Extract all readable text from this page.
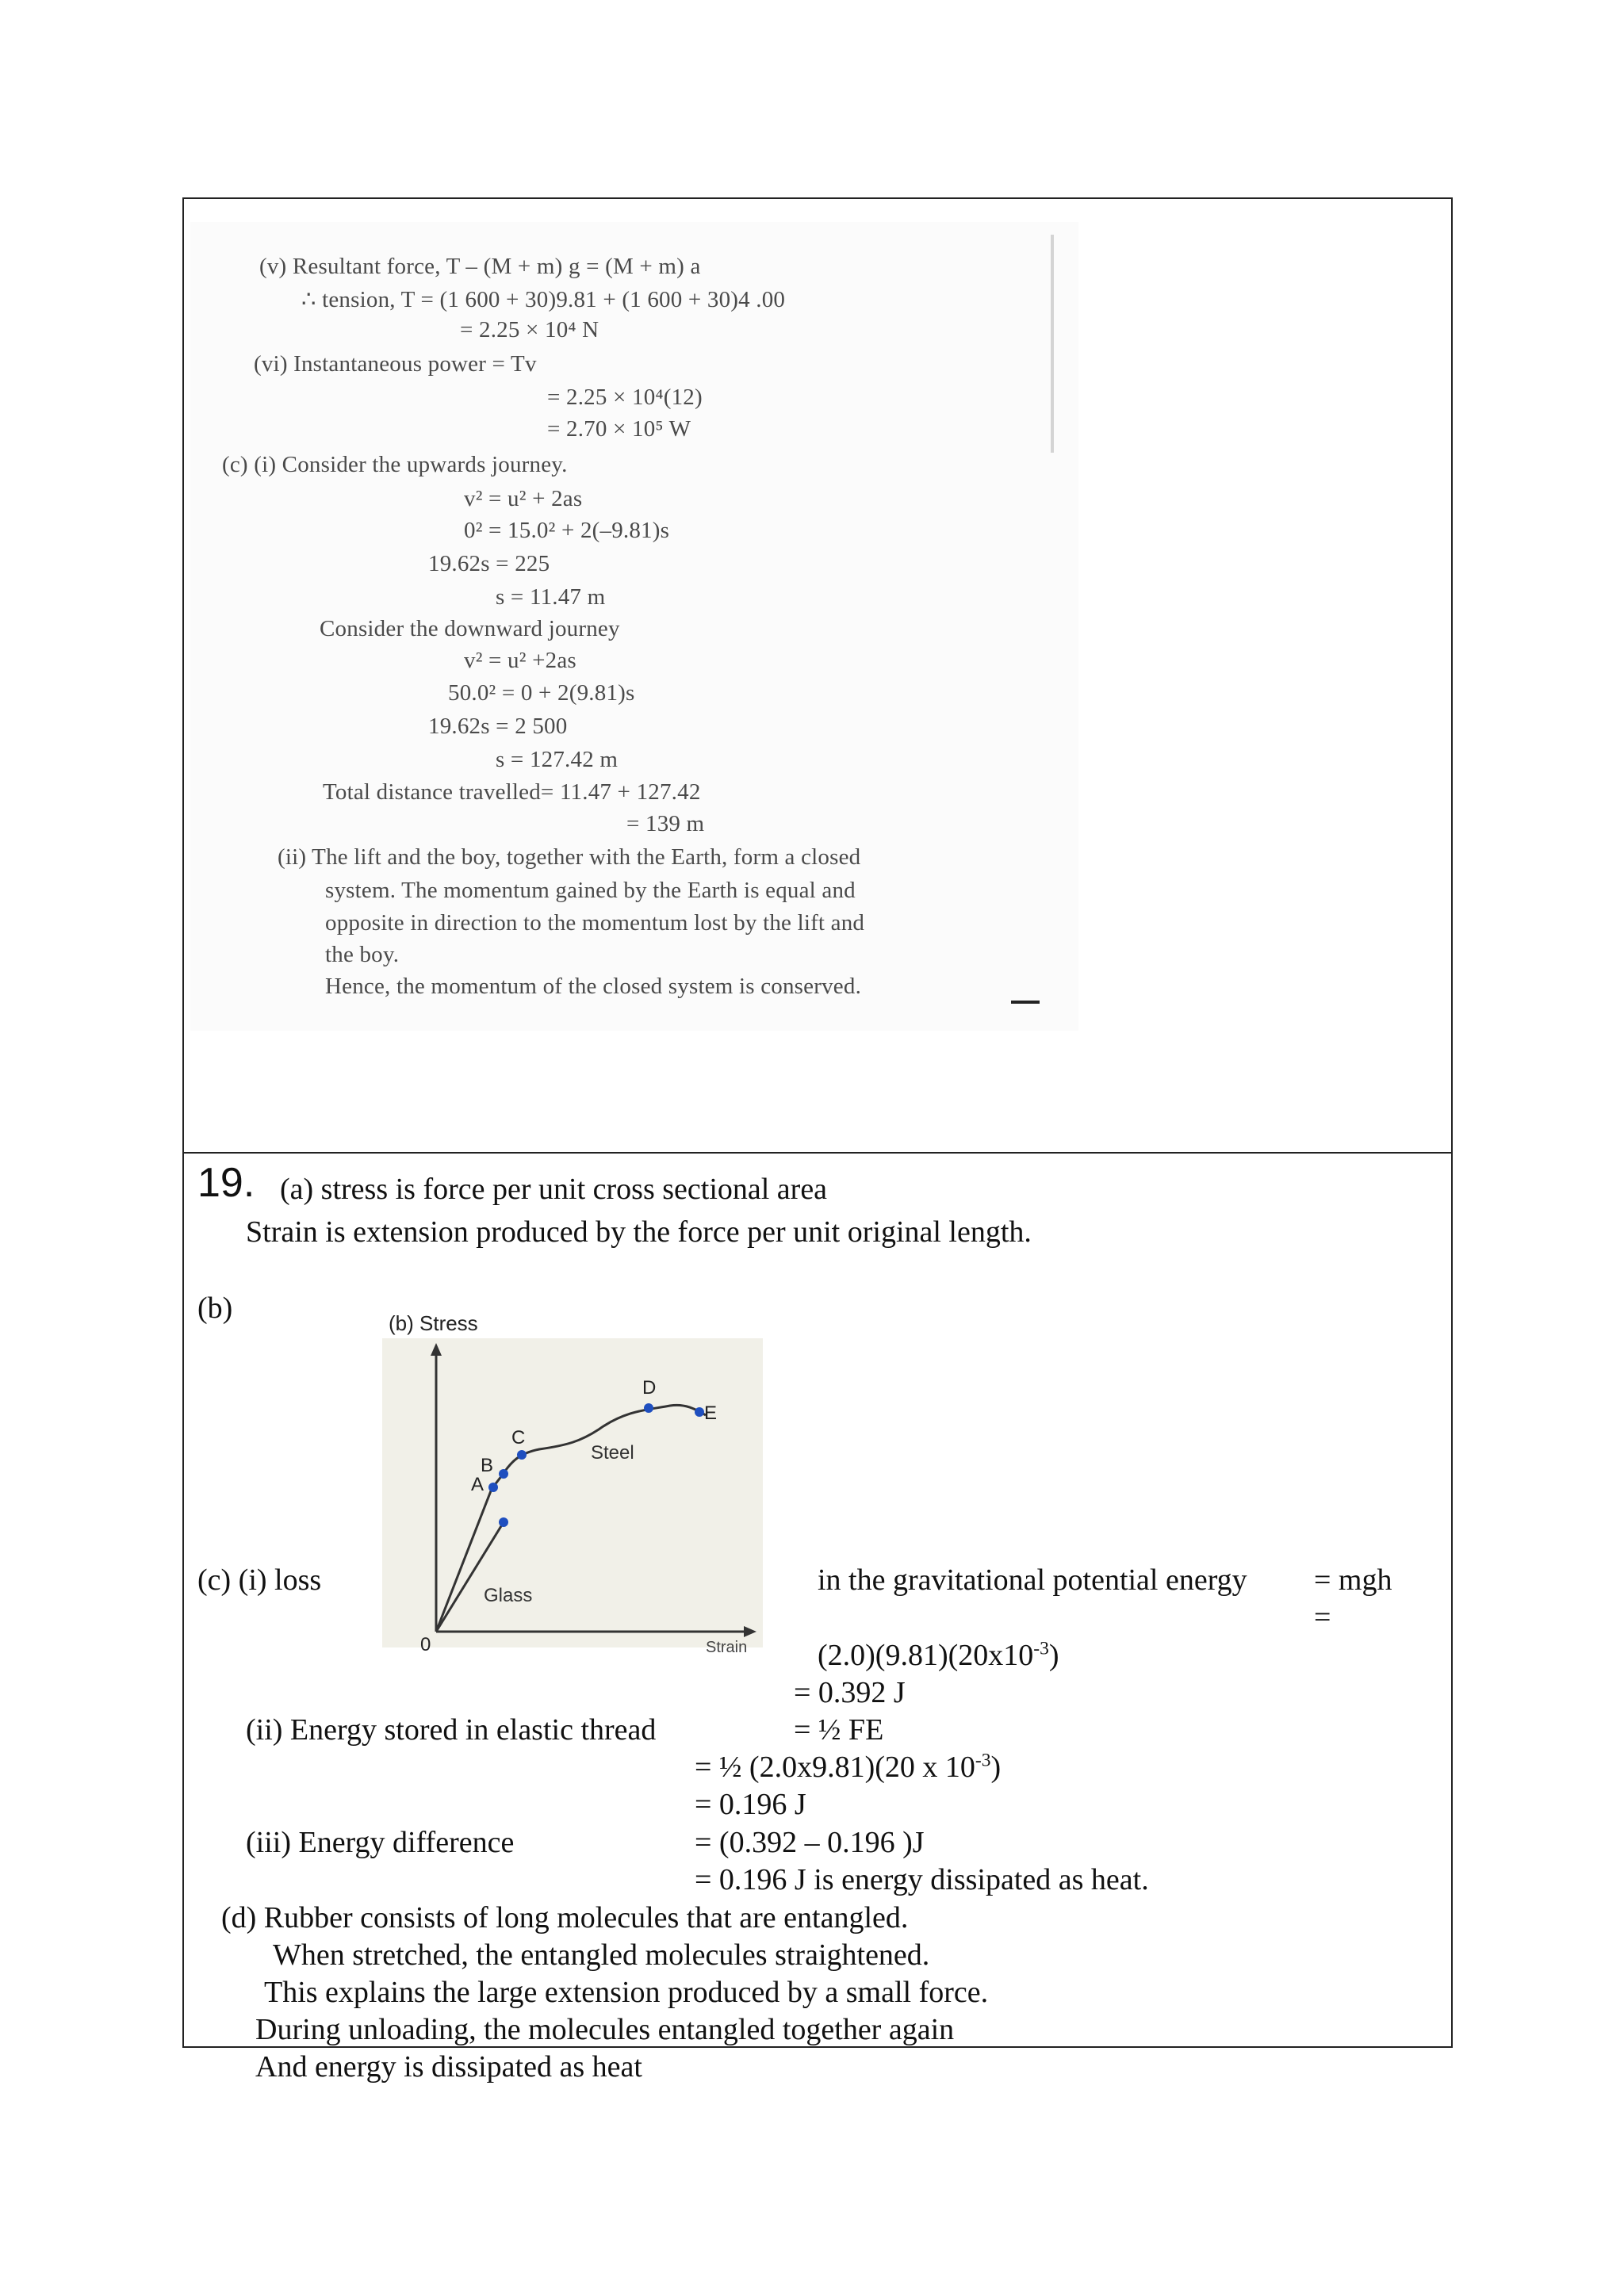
(v) Resultant force, T – (M + m) g = (M + m) a
∴ tension, T = (1 600 + 30)9.81 + (1 600 + 30)4 .00
= 2.25 × 10⁴ N
(vi) Instantaneous power = Tv
= 2.25 × 10⁴(12)
= 2.70 × 10⁵ W
(c) (i) Consider the upwards journey.
v² = u² + 2as
0² = 15.0² + 2(–9.81)s
19.62s = 225
s = 11.47 m
Consider the downward journey
v² = u² +2as
50.0² = 0 + 2(9.81)s
19.62s = 2 500
s = 127.42 m
Total distance travelled= 11.47 + 127.42
= 139 m
(ii) The lift and the boy, together with the Earth, form a closed
system. The momentum gained by the Earth is equal and
opposite in direction to the momentum lost by the lift and
the boy.
Hence, the momentum of the closed system is conserved.
19. (a) stress is force per unit cross sectional area
Strain is extension produced by the force per unit original length.
(b)	(b) Stress
0	Strain
A
B
C
D
E
Steel
Glass
(c) (i) loss	in the gravitational potential energy = mgh
=
$(2.0)(9.81)(20x10^{-3})$
= 0.392 J
(ii) Energy stored in elastic thread	= ½ FE
= ½ (2.0x9.81)(20 x $10^{-3}$)
= 0.196 J
(iii) Energy difference	= (0.392 – 0.196 )J
= 0.196 J is energy dissipated as heat.
(d) Rubber consists of long molecules that are entangled.
When stretched, the entangled molecules straightened.
This explains the large extension produced by a small force.
During unloading, the molecules entangled together again
And energy is dissipated as heat
